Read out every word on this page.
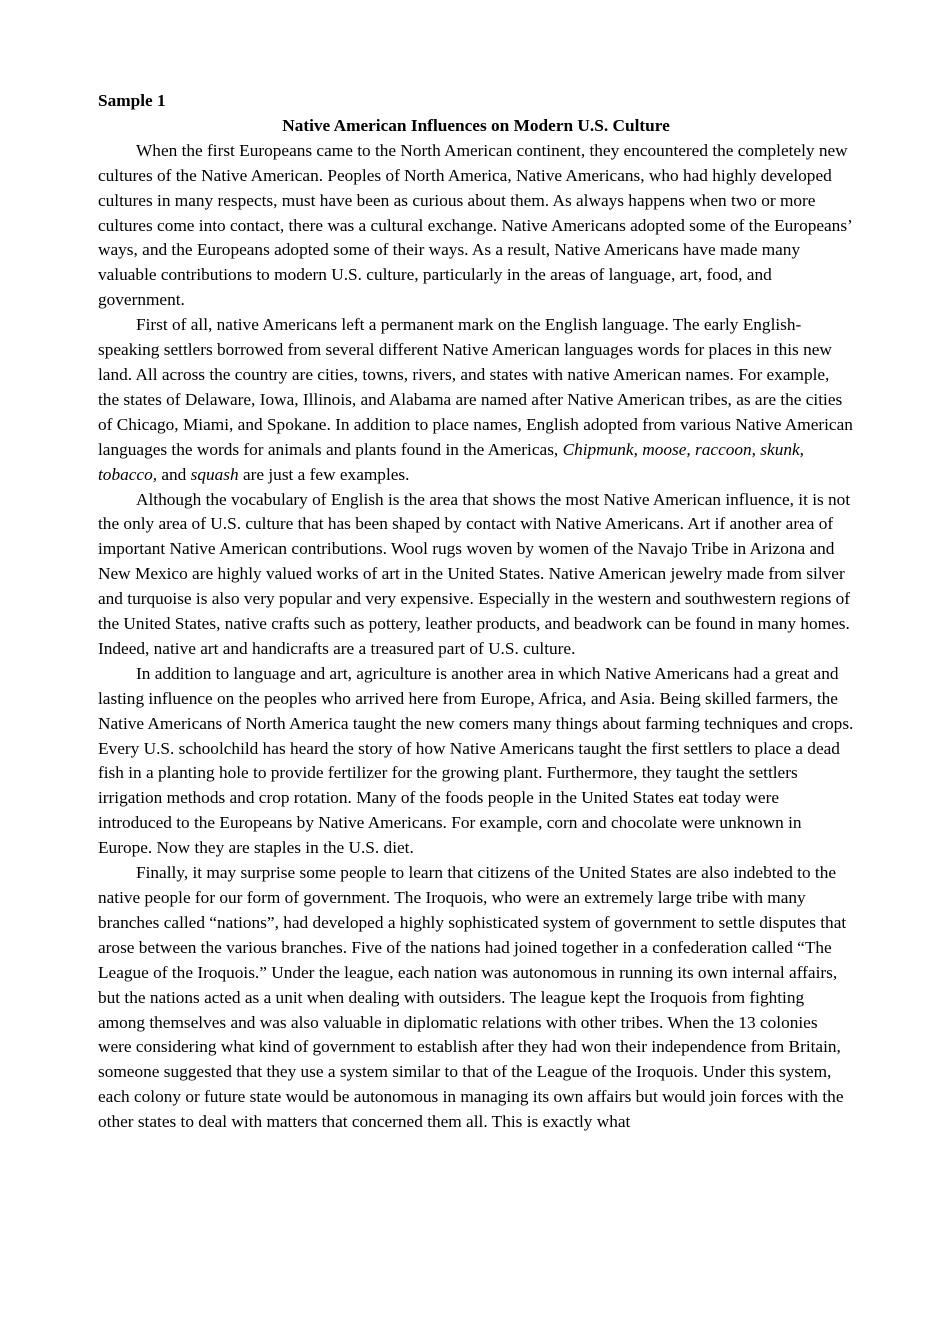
Sample 1

Native American Influences on Modern U.S. Culture

When the first Europeans came to the North American continent, they encountered the completely new cultures of the Native American. Peoples of North America, Native Americans, who had highly developed cultures in many respects, must have been as curious about them. As always happens when two or more cultures come into contact, there was a cultural exchange. Native Americans adopted some of the Europeans’ ways, and the Europeans adopted some of their ways. As a result, Native Americans have made many valuable contributions to modern U.S. culture, particularly in the areas of language, art, food, and government.

First of all, native Americans left a permanent mark on the English language. The early English-speaking settlers borrowed from several different Native American languages words for places in this new land. All across the country are cities, towns, rivers, and states with native American names. For example, the states of Delaware, Iowa, Illinois, and Alabama are named after Native American tribes, as are the cities of Chicago, Miami, and Spokane. In addition to place names, English adopted from various Native American languages the words for animals and plants found in the Americas, Chipmunk, moose, raccoon, skunk, tobacco, and squash are just a few examples.

Although the vocabulary of English is the area that shows the most Native American influence, it is not the only area of U.S. culture that has been shaped by contact with Native Americans. Art if another area of important Native American contributions. Wool rugs woven by women of the Navajo Tribe in Arizona and New Mexico are highly valued works of art in the United States. Native American jewelry made from silver and turquoise is also very popular and very expensive. Especially in the western and southwestern regions of the United States, native crafts such as pottery, leather products, and beadwork can be found in many homes. Indeed, native art and handicrafts are a treasured part of U.S. culture.

In addition to language and art, agriculture is another area in which Native Americans had a great and lasting influence on the peoples who arrived here from Europe, Africa, and Asia. Being skilled farmers, the Native Americans of North America taught the new comers many things about farming techniques and crops. Every U.S. schoolchild has heard the story of how Native Americans taught the first settlers to place a dead fish in a planting hole to provide fertilizer for the growing plant. Furthermore, they taught the settlers irrigation methods and crop rotation. Many of the foods people in the United States eat today were introduced to the Europeans by Native Americans. For example, corn and chocolate were unknown in Europe. Now they are staples in the U.S. diet.

Finally, it may surprise some people to learn that citizens of the United States are also indebted to the native people for our form of government. The Iroquois, who were an extremely large tribe with many branches called “nations”, had developed a highly sophisticated system of government to settle disputes that arose between the various branches. Five of the nations had joined together in a confederation called “The League of the Iroquois.” Under the league, each nation was autonomous in running its own internal affairs, but the nations acted as a unit when dealing with outsiders. The league kept the Iroquois from fighting among themselves and was also valuable in diplomatic relations with other tribes. When the 13 colonies were considering what kind of government to establish after they had won their independence from Britain, someone suggested that they use a system similar to that of the League of the Iroquois. Under this system, each colony or future state would be autonomous in managing its own affairs but would join forces with the other states to deal with matters that concerned them all. This is exactly what
